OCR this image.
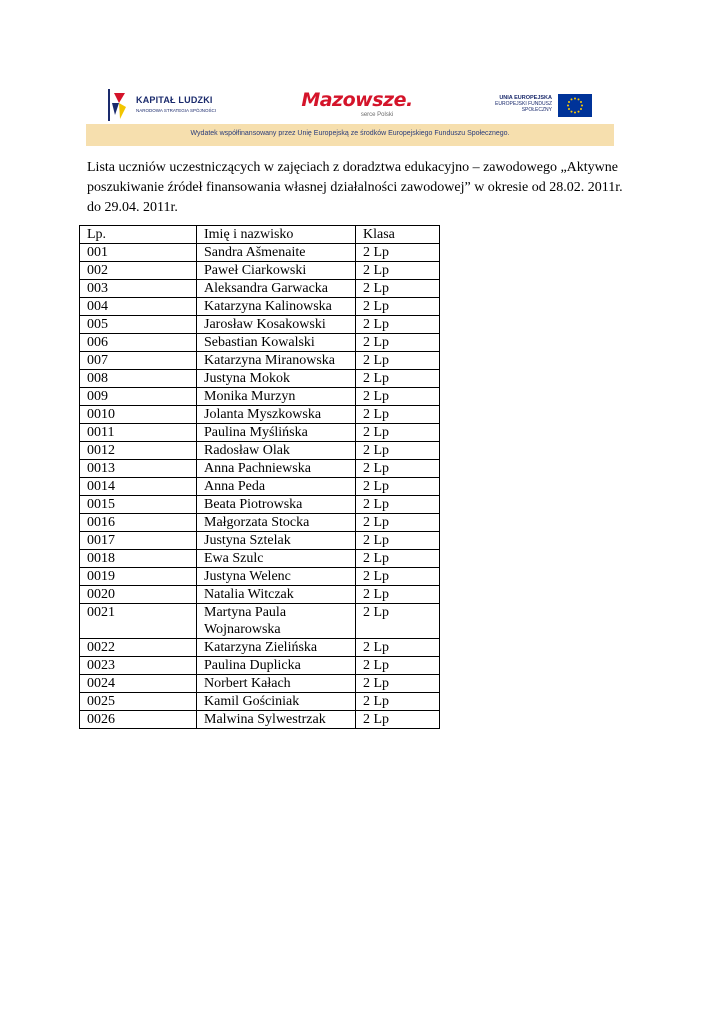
KAPITAŁ LUDZKI
NARODOWA STRATEGIA SPÓJNOŚCI	Mazowsze.
serce Polski
UNIA EUROPEJSKA
EUROPEJSKI FUNDUSZ
SPOŁECZNY
Wydatek współfinansowany przez Unię Europejską ze środków Europejskiego Funduszu Społecznego.
Lista uczniów uczestniczących w zajęciach z doradztwa edukacyjno – zawodowego „Aktywne poszukiwanie źródeł finansowania własnej działalności zawodowej” w okresie od 28.02. 2011r. do 29.04. 2011r.
Lp.	Imię i nazwisko	Klasa
001	Sandra Ašmenaite	2 Lp
002	Paweł Ciarkowski	2 Lp
003	Aleksandra Garwacka	2 Lp
004	Katarzyna Kalinowska	2 Lp
005	Jarosław Kosakowski	2 Lp
006	Sebastian Kowalski	2 Lp
007	Katarzyna Miranowska	2 Lp
008	Justyna Mokok	2 Lp
009	Monika Murzyn	2 Lp
0010	Jolanta Myszkowska	2 Lp
0011	Paulina Myślińska	2 Lp
0012	Radosław Olak	2 Lp
0013	Anna Pachniewska	2 Lp
0014	Anna Peda	2 Lp
0015	Beata Piotrowska	2 Lp
0016	Małgorzata Stocka	2 Lp
0017	Justyna Sztelak	2 Lp
0018	Ewa Szulc	2 Lp
0019	Justyna Welenc	2 Lp
0020	Natalia Witczak	2 Lp
0021	Martyna Paula Wojnarowska	2 Lp
0022	Katarzyna Zielińska	2 Lp
0023	Paulina Duplicka	2 Lp
0024	Norbert Kałach	2 Lp
0025	Kamil Gościniak	2 Lp
0026	Malwina Sylwestrzak	2 Lp
